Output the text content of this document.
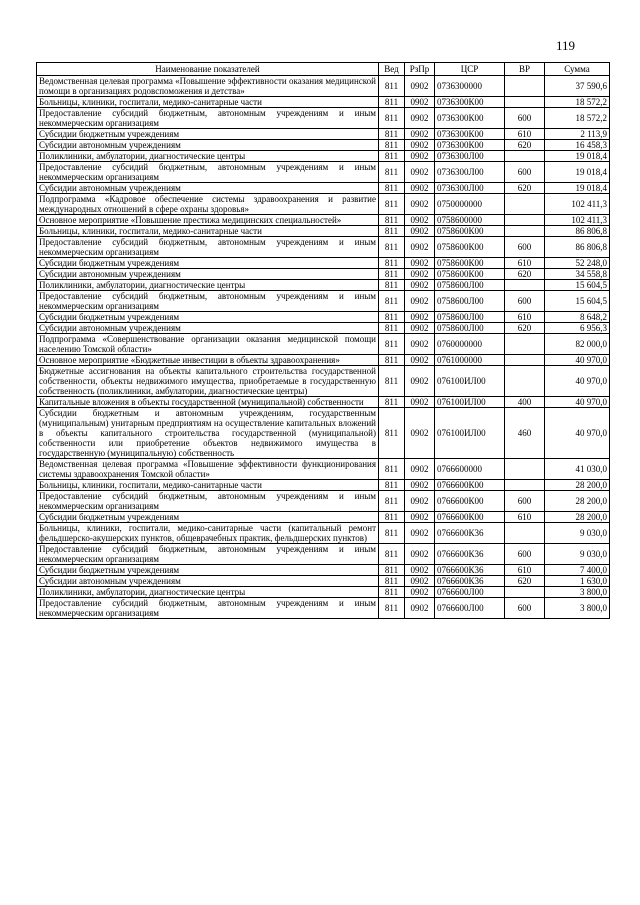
119
Наименование показателей	Вед	РзПр	ЦСР	ВР	Сумма
Ведомственная целевая программа «Повышение эффективности оказания медицинской помощи в организациях родовспоможения и детства»	811	0902	0736300000		37 590,6
Больницы, клиники, госпитали, медико-санитарные части	811	0902	0736300К00		18 572,2
Предоставление субсидий бюджетным, автономным учреждениям и иным некоммерческим организациям	811	0902	0736300К00	600	18 572,2
Субсидии бюджетным учреждениям	811	0902	0736300К00	610	2 113,9
Субсидии автономным учреждениям	811	0902	0736300К00	620	16 458,3
Поликлиники, амбулатории, диагностические центры	811	0902	0736300Л00		19 018,4
Предоставление субсидий бюджетным, автономным учреждениям и иным некоммерческим организациям	811	0902	0736300Л00	600	19 018,4
Субсидии автономным учреждениям	811	0902	0736300Л00	620	19 018,4
Подпрограмма «Кадровое обеспечение системы здравоохранения и развитие международных отношений в сфере охраны здоровья»	811	0902	0750000000		102 411,3
Основное мероприятие «Повышение престижа медицинских специальностей»	811	0902	0758600000		102 411,3
Больницы, клиники, госпитали, медико-санитарные части	811	0902	0758600К00		86 806,8
Предоставление субсидий бюджетным, автономным учреждениям и иным некоммерческим организациям	811	0902	0758600К00	600	86 806,8
Субсидии бюджетным учреждениям	811	0902	0758600К00	610	52 248,0
Субсидии автономным учреждениям	811	0902	0758600К00	620	34 558,8
Поликлиники, амбулатории, диагностические центры	811	0902	0758600Л00		15 604,5
Предоставление субсидий бюджетным, автономным учреждениям и иным некоммерческим организациям	811	0902	0758600Л00	600	15 604,5
Субсидии бюджетным учреждениям	811	0902	0758600Л00	610	8 648,2
Субсидии автономным учреждениям	811	0902	0758600Л00	620	6 956,3
Подпрограмма «Совершенствование организации оказания медицинской помощи населению Томской области»	811	0902	0760000000		82 000,0
Основное мероприятие «Бюджетные инвестиции в объекты здравоохранения»	811	0902	0761000000		40 970,0
Бюджетные ассигнования на объекты капитального строительства государственной собственности, объекты недвижимого имущества, приобретаемые в государственную собственность (поликлиники, амбулатории, диагностические центры)	811	0902	076100ИЛ00		40 970,0
Капитальные вложения в объекты государственной (муниципальной) собственности	811	0902	076100ИЛ00	400	40 970,0
Субсидии бюджетным и автономным учреждениям, государственным (муниципальным) унитарным предприятиям на осуществление капитальных вложений в объекты капитального строительства государственной (муниципальной) собственности или приобретение объектов недвижимого имущества в государственную (муниципальную) собственность	811	0902	076100ИЛ00	460	40 970,0
Ведомственная целевая программа «Повышение эффективности функционирования системы здравоохранения Томской области»	811	0902	0766600000		41 030,0
Больницы, клиники, госпитали, медико-санитарные части	811	0902	0766600К00		28 200,0
Предоставление субсидий бюджетным, автономным учреждениям и иным некоммерческим организациям	811	0902	0766600К00	600	28 200,0
Субсидии бюджетным учреждениям	811	0902	0766600К00	610	28 200,0
Больницы, клиники, госпитали, медико-санитарные части (капитальный ремонт фельдшерско-акушерских пунктов, общеврачебных практик, фельдшерских пунктов)	811	0902	0766600К36		9 030,0
Предоставление субсидий бюджетным, автономным учреждениям и иным некоммерческим организациям	811	0902	0766600К36	600	9 030,0
Субсидии бюджетным учреждениям	811	0902	0766600К36	610	7 400,0
Субсидии автономным учреждениям	811	0902	0766600К36	620	1 630,0
Поликлиники, амбулатории, диагностические центры	811	0902	0766600Л00		3 800,0
Предоставление субсидий бюджетным, автономным учреждениям и иным некоммерческим организациям	811	0902	0766600Л00	600	3 800,0
